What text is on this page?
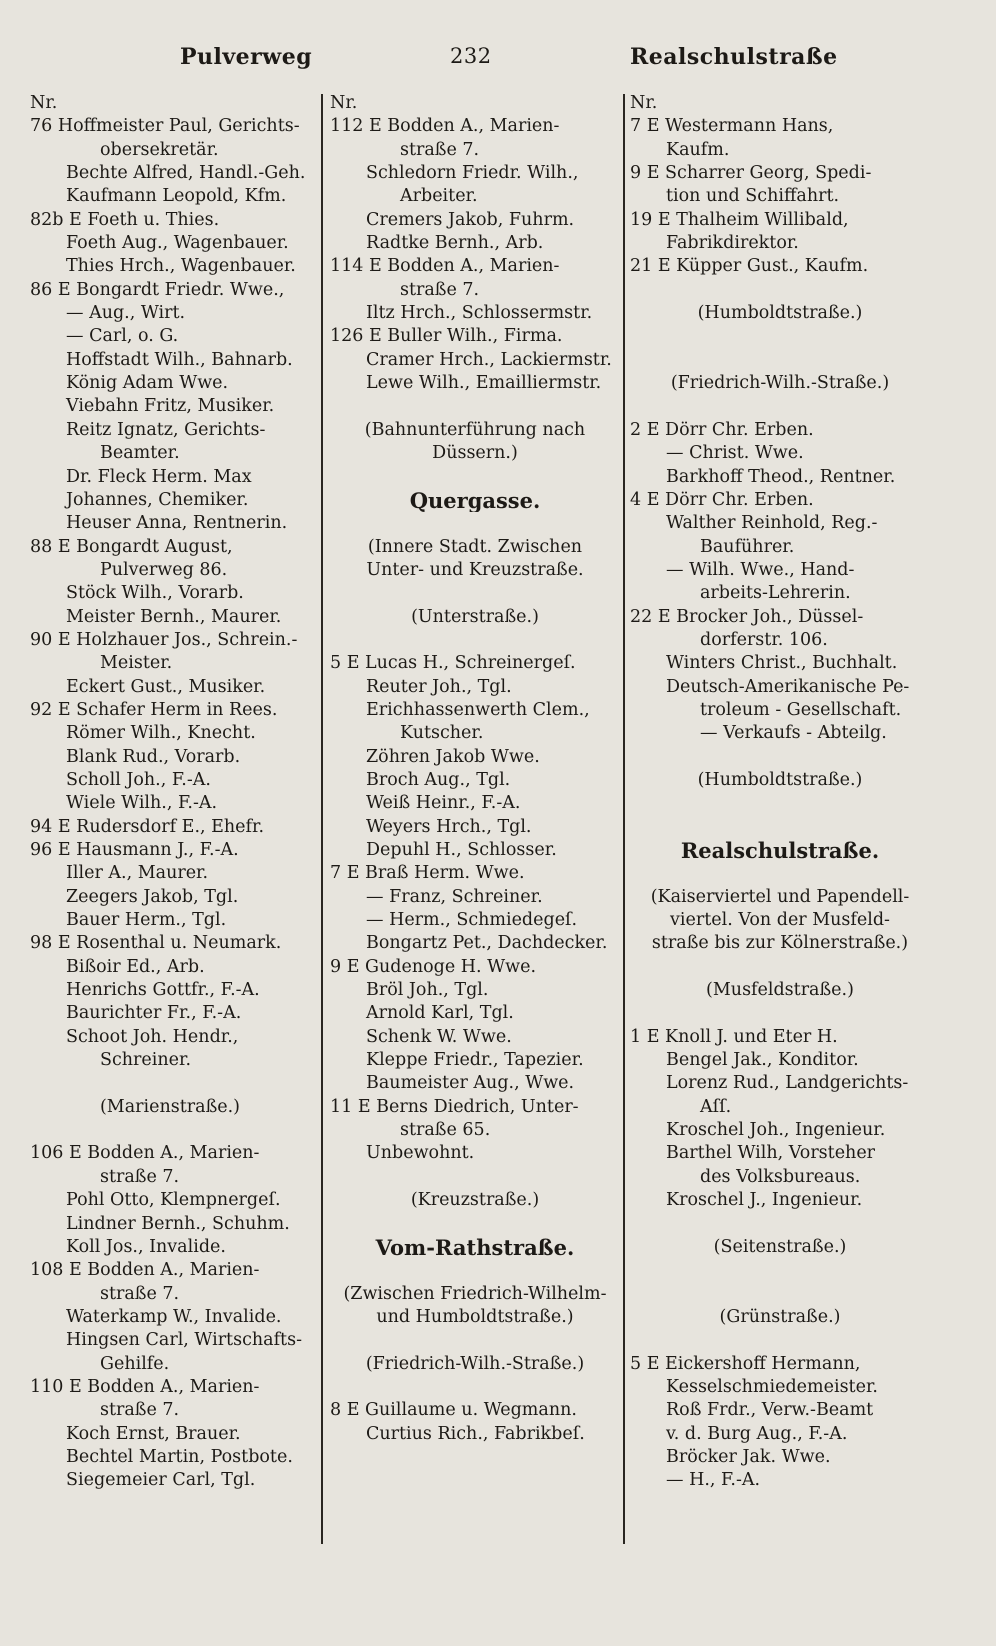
Pulverweg	232	Realschulstraße
Nr.
76 Hoffmeister Paul, Gerichts-
obersekretär.
Bechte Alfred, Handl.-Geh.
Kaufmann Leopold, Kfm.
82b E Foeth u. Thies.
Foeth Aug., Wagenbauer.
Thies Hrch., Wagenbauer.
86 E Bongardt Friedr. Wwe.,
— Aug., Wirt.
— Carl, o. G.
Hoffstadt Wilh., Bahnarb.
König Adam Wwe.
Viebahn Fritz, Musiker.
Reitz Ignatz, Gerichts-
Beamter.
Dr. Fleck Herm. Max
Johannes, Chemiker.
Heuser Anna, Rentnerin.
88 E Bongardt August,
Pulverweg 86.
Stöck Wilh., Vorarb.
Meister Bernh., Maurer.
90 E Holzhauer Jos., Schrein.-
Meister.
Eckert Gust., Musiker.
92 E Schafer Herm in Rees.
Römer Wilh., Knecht.
Blank Rud., Vorarb.
Scholl Joh., F.-A.
Wiele Wilh., F.-A.
94 E Rudersdorf E., Ehefr.
96 E Hausmann J., F.-A.
Iller A., Maurer.
Zeegers Jakob, Tgl.
Bauer Herm., Tgl.
98 E Rosenthal u. Neumark.
Bißoir Ed., Arb.
Henrichs Gottfr., F.-A.
Baurichter Fr., F.-A.
Schoot Joh. Hendr.,
Schreiner.
(Marienstraße.)
106 E Bodden A., Marien-
straße 7.
Pohl Otto, Klempnergeſ.
Lindner Bernh., Schuhm.
Koll Jos., Invalide.
108 E Bodden A., Marien-
straße 7.
Waterkamp W., Invalide.
Hingsen Carl, Wirtschafts-
Gehilfe.
110 E Bodden A., Marien-
straße 7.
Koch Ernst, Brauer.
Bechtel Martin, Postbote.
Siegemeier Carl, Tgl.
Nr.
112 E Bodden A., Marien-
straße 7.
Schledorn Friedr. Wilh.,
Arbeiter.
Cremers Jakob, Fuhrm.
Radtke Bernh., Arb.
114 E Bodden A., Marien-
straße 7.
Iltz Hrch., Schlossermstr.
126 E Buller Wilh., Firma.
Cramer Hrch., Lackiermstr.
Lewe Wilh., Emailliermstr.
(Bahnunterführung nach
Düssern.)
Quergasse.
(Innere Stadt. Zwischen
Unter- und Kreuzstraße.
(Unterstraße.)
5 E Lucas H., Schreinergeſ.
Reuter Joh., Tgl.
Erichhassenwerth Clem.,
Kutscher.
Zöhren Jakob Wwe.
Broch Aug., Tgl.
Weiß Heinr., F.-A.
Weyers Hrch., Tgl.
Depuhl H., Schlosser.
7 E Braß Herm. Wwe.
— Franz, Schreiner.
— Herm., Schmiedegeſ.
Bongartz Pet., Dachdecker.
9 E Gudenoge H. Wwe.
Bröl Joh., Tgl.
Arnold Karl, Tgl.
Schenk W. Wwe.
Kleppe Friedr., Tapezier.
Baumeister Aug., Wwe.
11 E Berns Diedrich, Unter-
straße 65.
Unbewohnt.
(Kreuzstraße.)
Vom-Rathstraße.
(Zwischen Friedrich-Wilhelm-
und Humboldtstraße.)
(Friedrich-Wilh.-Straße.)
8 E Guillaume u. Wegmann.
Curtius Rich., Fabrikbeſ.
Nr.
7 E Westermann Hans,
Kaufm.
9 E Scharrer Georg, Spedi-
tion und Schiffahrt.
19 E Thalheim Willibald,
Fabrikdirektor.
21 E Küpper Gust., Kaufm.
(Humboldtstraße.)
(Friedrich-Wilh.-Straße.)
2 E Dörr Chr. Erben.
— Christ. Wwe.
Barkhoff Theod., Rentner.
4 E Dörr Chr. Erben.
Walther Reinhold, Reg.-
Bauführer.
— Wilh. Wwe., Hand-
arbeits-Lehrerin.
22 E Brocker Joh., Düssel-
dorferstr. 106.
Winters Christ., Buchhalt.
Deutsch-Amerikanische Pe-
troleum - Gesellschaft.
— Verkaufs - Abteilg.
(Humboldtstraße.)
Realschulstraße.
(Kaiserviertel und Papendell-
viertel. Von der Musfeld-
straße bis zur Kölnerstraße.)
(Musfeldstraße.)
1 E Knoll J. und Eter H.
Bengel Jak., Konditor.
Lorenz Rud., Landgerichts-
Aſſ.
Kroschel Joh., Ingenieur.
Barthel Wilh, Vorsteher
des Volksbureaus.
Kroschel J., Ingenieur.
(Seitenstraße.)
(Grünstraße.)
5 E Eickershoff Hermann,
Kesselschmiedemeister.
Roß Frdr., Verw.-Beamt
v. d. Burg Aug., F.-A.
Bröcker Jak. Wwe.
— H., F.-A.
